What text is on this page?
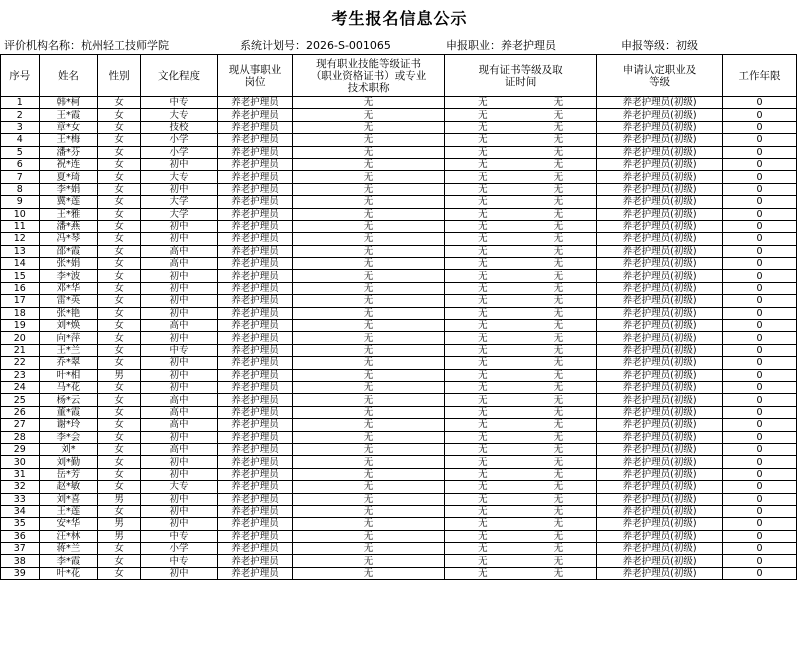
考生报名信息公示
评价机构名称：杭州轻工技师学院	系统计划号：2026-S-001065	申报职业：养老护理员	申报等级：初级
序号	姓名	性别	文化程度	现从事职业岗位	现有职业技能等级证书（职业资格证书）或专业技术职称	现有证书等级及取证时间	申请认定职业及等级	工作年限
1	韩*柯	女	中专	养老护理员	无	无 无	养老护理员(初级)	0
2	王*霞	女	大专	养老护理员	无	无 无	养老护理员(初级)	0
3	章*女	女	技校	养老护理员	无	无 无	养老护理员(初级)	0
4	王*梅	女	小学	养老护理员	无	无 无	养老护理员(初级)	0
5	潘*芬	女	小学	养老护理员	无	无 无	养老护理员(初级)	0
6	祝*连	女	初中	养老护理员	无	无 无	养老护理员(初级)	0
7	夏*琦	女	大专	养老护理员	无	无 无	养老护理员(初级)	0
8	李*娟	女	初中	养老护理员	无	无 无	养老护理员(初级)	0
9	冀*莲	女	大学	养老护理员	无	无 无	养老护理员(初级)	0
10	王*雅	女	大学	养老护理员	无	无 无	养老护理员(初级)	0
11	潘*燕	女	初中	养老护理员	无	无 无	养老护理员(初级)	0
12	冯*琴	女	初中	养老护理员	无	无 无	养老护理员(初级)	0
13	邵*霞	女	高中	养老护理员	无	无 无	养老护理员(初级)	0
14	张*娟	女	高中	养老护理员	无	无 无	养老护理员(初级)	0
15	李*波	女	初中	养老护理员	无	无 无	养老护理员(初级)	0
16	邓*华	女	初中	养老护理员	无	无 无	养老护理员(初级)	0
17	雷*英	女	初中	养老护理员	无	无 无	养老护理员(初级)	0
18	张*艳	女	初中	养老护理员	无	无 无	养老护理员(初级)	0
19	刘*焕	女	高中	养老护理员	无	无 无	养老护理员(初级)	0
20	向*萍	女	初中	养老护理员	无	无 无	养老护理员(初级)	0
21	王*兰	女	中专	养老护理员	无	无 无	养老护理员(初级)	0
22	乔*翠	女	初中	养老护理员	无	无 无	养老护理员(初级)	0
23	叶*相	男	初中	养老护理员	无	无 无	养老护理员(初级)	0
24	马*花	女	初中	养老护理员	无	无 无	养老护理员(初级)	0
25	杨*云	女	高中	养老护理员	无	无 无	养老护理员(初级)	0
26	董*霞	女	高中	养老护理员	无	无 无	养老护理员(初级)	0
27	谢*玲	女	高中	养老护理员	无	无 无	养老护理员(初级)	0
28	李*会	女	初中	养老护理员	无	无 无	养老护理员(初级)	0
29	刘*	女	高中	养老护理员	无	无 无	养老护理员(初级)	0
30	刘*勤	女	初中	养老护理员	无	无 无	养老护理员(初级)	0
31	岳*芳	女	初中	养老护理员	无	无 无	养老护理员(初级)	0
32	赵*敏	女	大专	养老护理员	无	无 无	养老护理员(初级)	0
33	刘*喜	男	初中	养老护理员	无	无 无	养老护理员(初级)	0
34	王*莲	女	初中	养老护理员	无	无 无	养老护理员(初级)	0
35	安*华	男	初中	养老护理员	无	无 无	养老护理员(初级)	0
36	汪*林	男	中专	养老护理员	无	无 无	养老护理员(初级)	0
37	蒋*兰	女	小学	养老护理员	无	无 无	养老护理员(初级)	0
38	李*霞	女	中专	养老护理员	无	无 无	养老护理员(初级)	0
39	叶*花	女	初中	养老护理员	无	无 无	养老护理员(初级)	0
